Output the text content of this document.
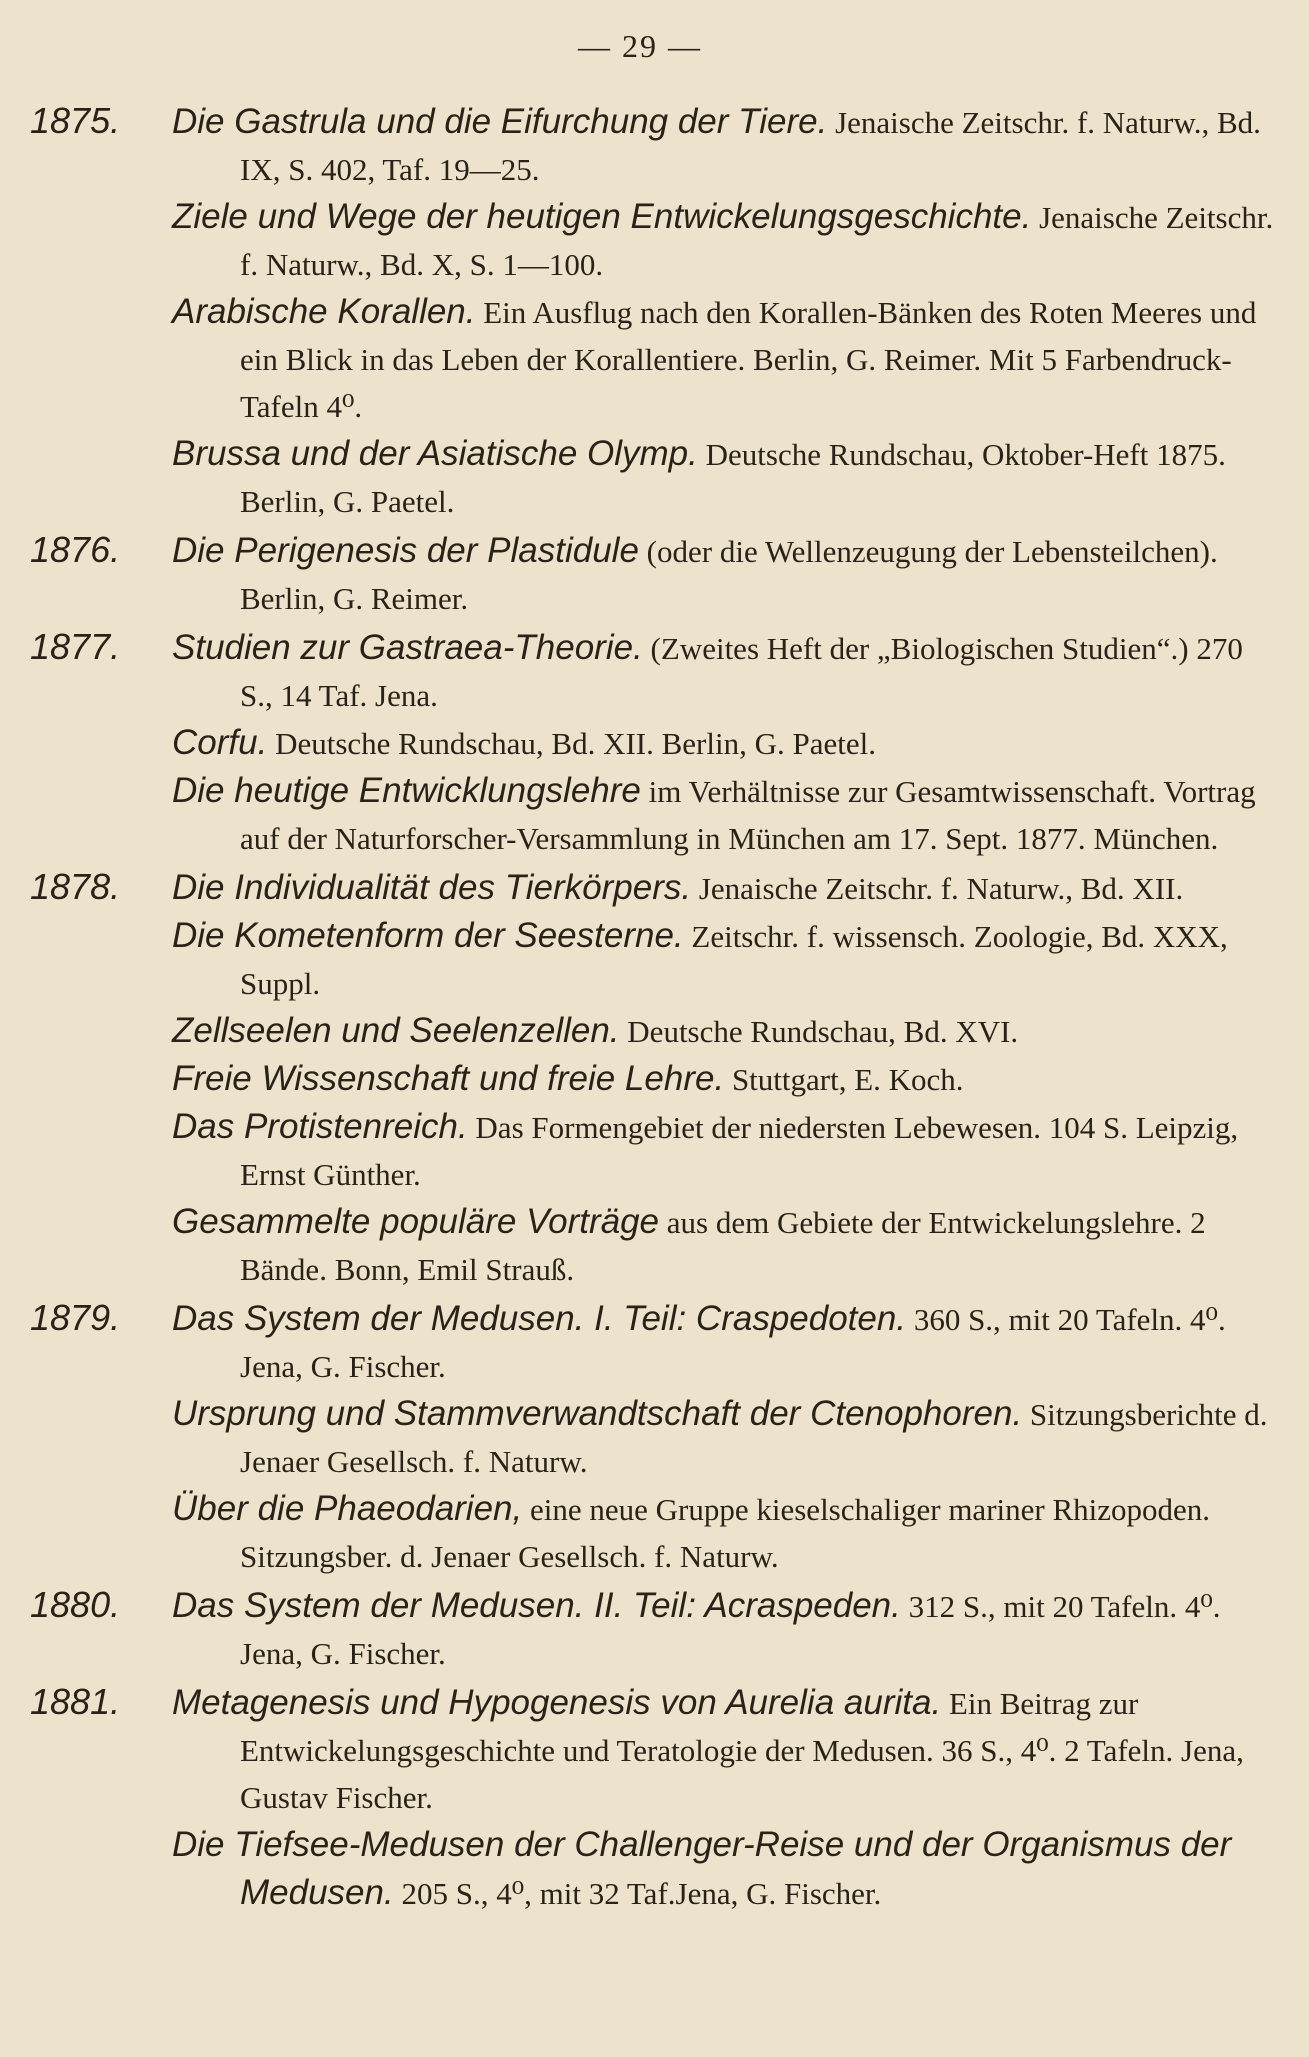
— 29 —
1875. Die Gastrula und die Eifurchung der Tiere. Jenaische Zeitschr. f. Naturw., Bd. IX, S. 402, Taf. 19—25.
Ziele und Wege der heutigen Entwickelungsgeschichte. Jenaische Zeitschr. f. Naturw., Bd. X, S. 1—100.
Arabische Korallen. Ein Ausflug nach den Korallen-Bänken des Roten Meeres und ein Blick in das Leben der Korallentiere. Berlin, G. Reimer. Mit 5 Farbendruck-Tafeln 4⁰.
Brussa und der Asiatische Olymp. Deutsche Rundschau, Oktober-Heft 1875. Berlin, G. Paetel.
1876. Die Perigenesis der Plastidule (oder die Wellenzeugung der Lebensteilchen). Berlin, G. Reimer.
1877. Studien zur Gastraea-Theorie. (Zweites Heft der „Biologischen Studien“.) 270 S., 14 Taf. Jena.
Corfu. Deutsche Rundschau, Bd. XII. Berlin, G. Paetel.
Die heutige Entwicklungslehre im Verhältnisse zur Gesamtwissenschaft. Vortrag auf der Naturforscher-Versammlung in München am 17. Sept. 1877. München.
1878. Die Individualität des Tierkörpers. Jenaische Zeitschr. f. Naturw., Bd. XII.
Die Kometenform der Seesterne. Zeitschr. f. wissensch. Zoologie, Bd. XXX, Suppl.
Zellseelen und Seelenzellen. Deutsche Rundschau, Bd. XVI.
Freie Wissenschaft und freie Lehre. Stuttgart, E. Koch.
Das Protistenreich. Das Formengebiet der niedersten Lebewesen. 104 S. Leipzig, Ernst Günther.
Gesammelte populäre Vorträge aus dem Gebiete der Entwickelungslehre. 2 Bände. Bonn, Emil Strauß.
1879. Das System der Medusen. I. Teil: Craspedoten. 360 S., mit 20 Tafeln. 4⁰. Jena, G. Fischer.
Ursprung und Stammverwandtschaft der Ctenophoren. Sitzungsberichte d. Jenaer Gesellsch. f. Naturw.
Über die Phaeodarien, eine neue Gruppe kieselschaliger mariner Rhizopoden. Sitzungsber. d. Jenaer Gesellsch. f. Naturw.
1880. Das System der Medusen. II. Teil: Acraspeden. 312 S., mit 20 Tafeln. 4⁰. Jena, G. Fischer.
1881. Metagenesis und Hypogenesis von Aurelia aurita. Ein Beitrag zur Entwickelungsgeschichte und Teratologie der Medusen. 36 S., 4⁰. 2 Tafeln. Jena, Gustav Fischer.
Die Tiefsee-Medusen der Challenger-Reise und der Organismus der Medusen. 205 S., 4⁰, mit 32 Taf.Jena, G. Fischer.
